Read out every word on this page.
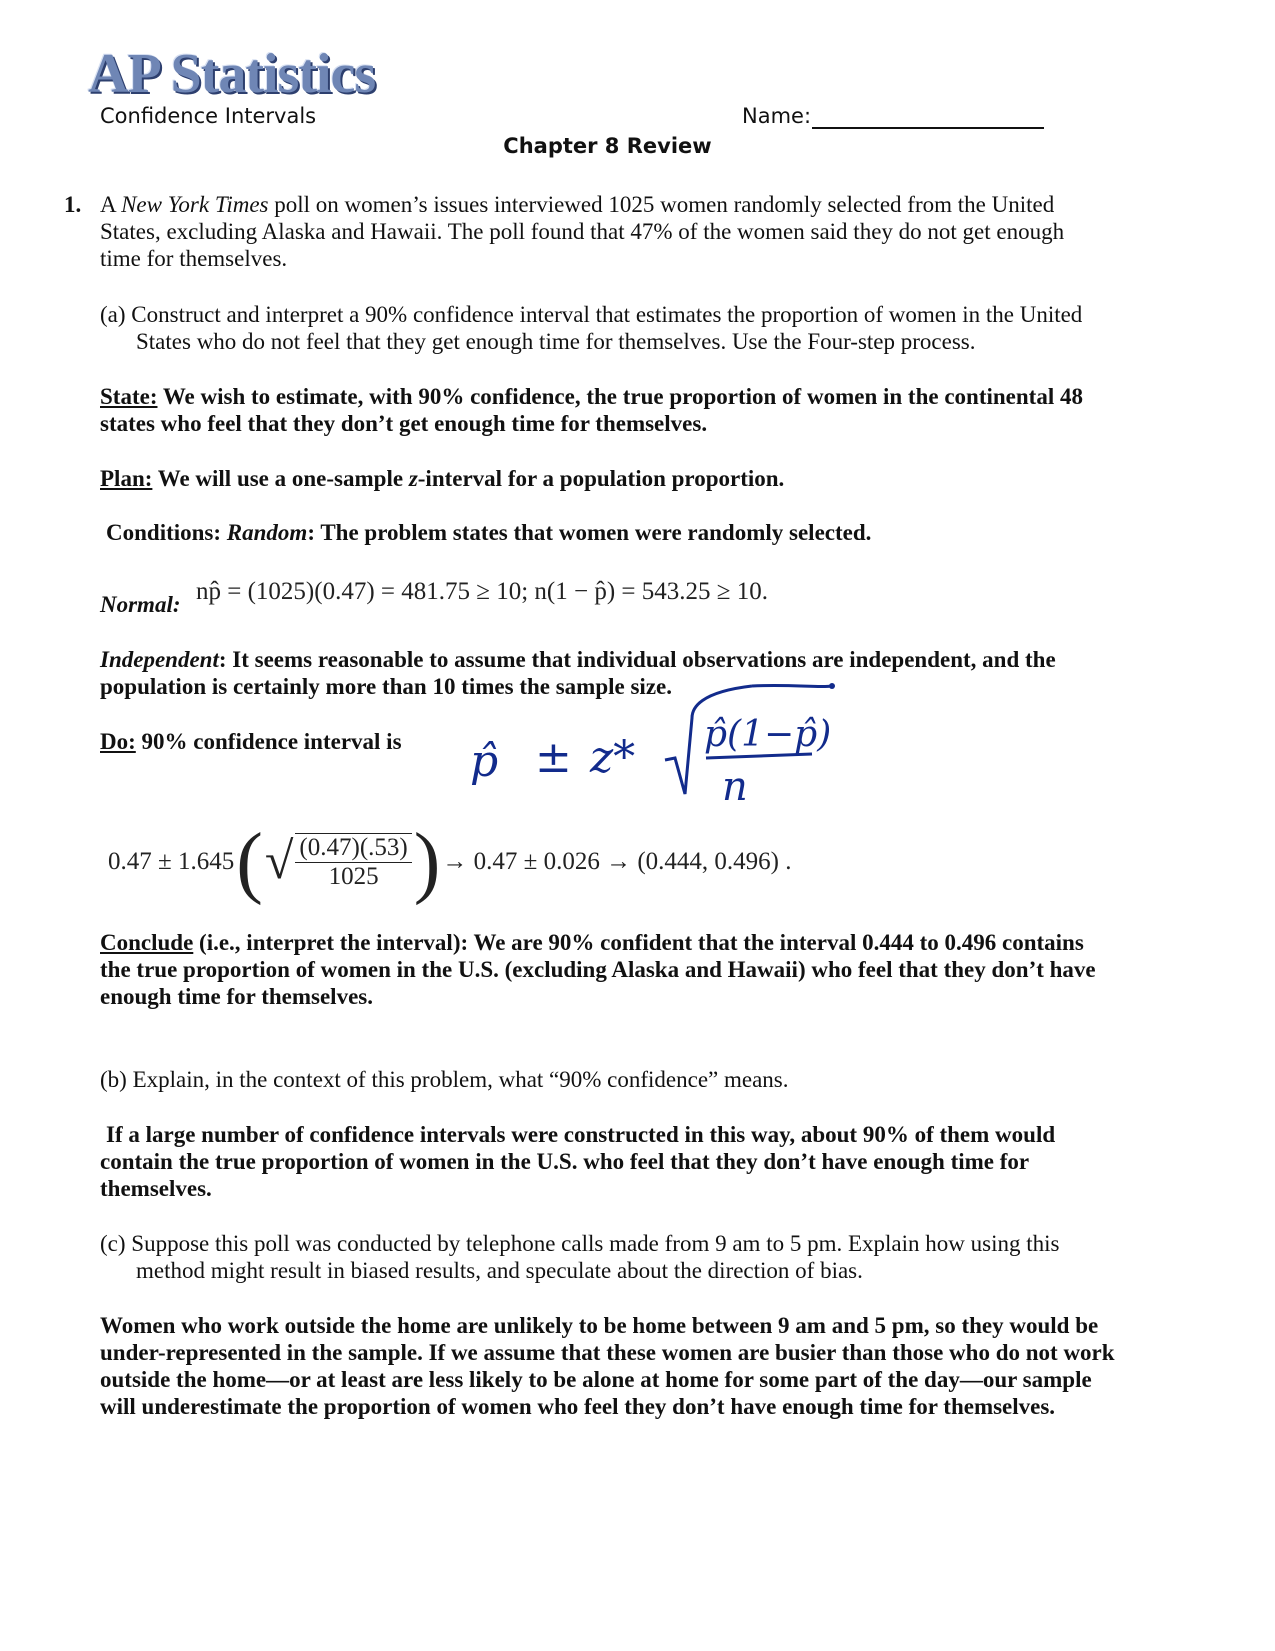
AP Statistics
Confidence Intervals	Name:
Chapter 8 Review
1. A New York Times poll on women’s issues interviewed 1025 women randomly selected from the United States, excluding Alaska and Hawaii. The poll found that 47% of the women said they do not get enough time for themselves.
(a) Construct and interpret a 90% confidence interval that estimates the proportion of women in the United States who do not feel that they get enough time for themselves. Use the Four-step process.
State: We wish to estimate, with 90% confidence, the true proportion of women in the continental 48 states who feel that they don’t get enough time for themselves.
Plan: We will use a one-sample z-interval for a population proportion.
Conditions: Random: The problem states that women were randomly selected.
Normal: np̂ = (1025)(0.47) = 481.75 ≥ 10; n(1 − p̂) = 543.25 ≥ 10.
Independent: It seems reasonable to assume that individual observations are independent, and the population is certainly more than 10 times the sample size.
Do: 90% confidence interval is p̂ ± z* p̂(1−p̂)
n
0.47 ± 1.645 ( √ $\frac{(0.47)(.53)}{1025}$ ) → 0.47 ± 0.026 → (0.444, 0.496) .
Conclude (i.e., interpret the interval): We are 90% confident that the interval 0.444 to 0.496 contains the true proportion of women in the U.S. (excluding Alaska and Hawaii) who feel that they don’t have enough time for themselves.
(b) Explain, in the context of this problem, what “90% confidence” means.
If a large number of confidence intervals were constructed in this way, about 90% of them would contain the true proportion of women in the U.S. who feel that they don’t have enough time for themselves.
(c) Suppose this poll was conducted by telephone calls made from 9 am to 5 pm. Explain how using this method might result in biased results, and speculate about the direction of bias.
Women who work outside the home are unlikely to be home between 9 am and 5 pm, so they would be under-represented in the sample. If we assume that these women are busier than those who do not work outside the home—or at least are less likely to be alone at home for some part of the day—our sample will underestimate the proportion of women who feel they don’t have enough time for themselves.
